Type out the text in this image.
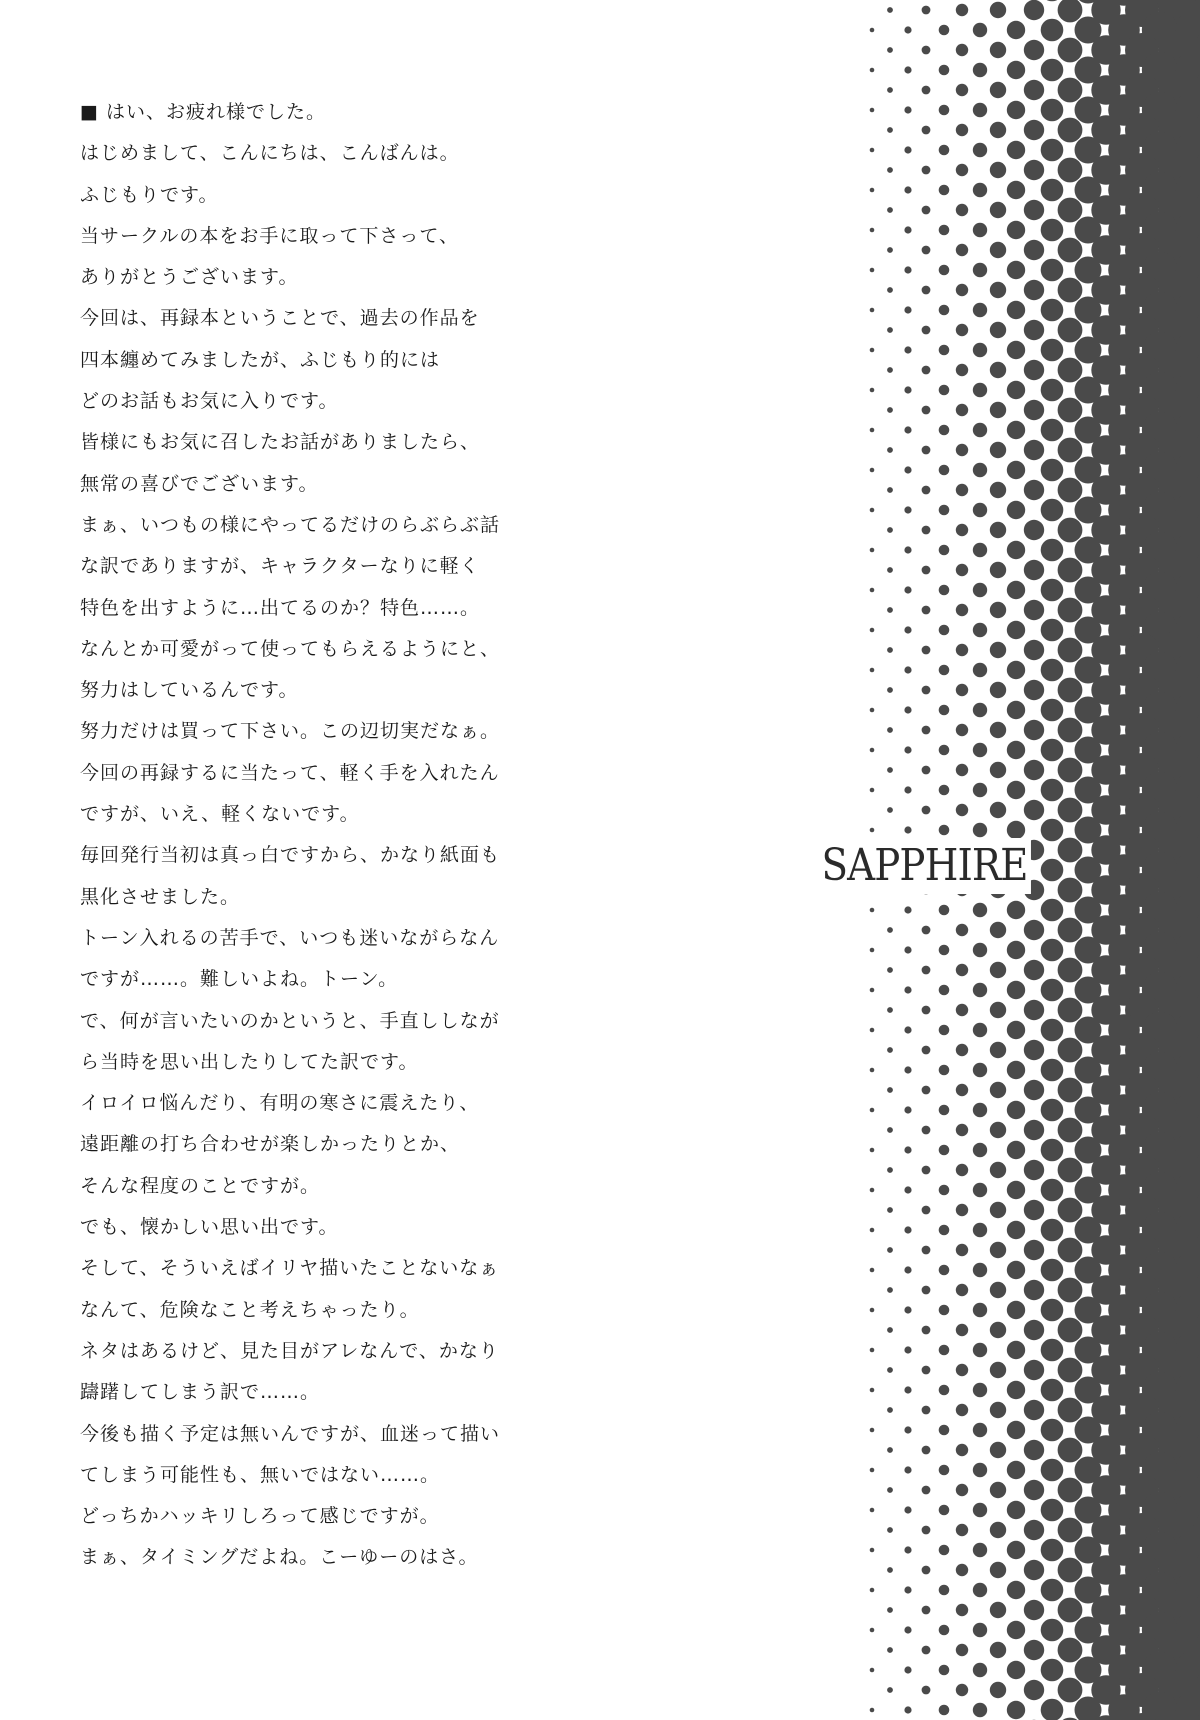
■ はい、お疲れ様でした。
はじめまして、こんにちは、こんばんは。
ふじもりです。
当サークルの本をお手に取って下さって、
ありがとうございます。
今回は、再録本ということで、過去の作品を
四本纏めてみましたが、ふじもり的には
どのお話もお気に入りです。
皆様にもお気に召したお話がありましたら、
無常の喜びでございます。
まぁ、いつもの様にやってるだけのらぶらぶ話
な訳でありますが、キャラクターなりに軽く
特色を出すように…出てるのか？特色……。
なんとか可愛がって使ってもらえるようにと、
努力はしているんです。
努力だけは買って下さい。この辺切実だなぁ。
今回の再録するに当たって、軽く手を入れたん
ですが、いえ、軽くないです。
毎回発行当初は真っ白ですから、かなり紙面も
黒化させました。
トーン入れるの苦手で、いつも迷いながらなん
ですが……。難しいよね。トーン。
で、何が言いたいのかというと、手直ししなが
ら当時を思い出したりしてた訳です。
イロイロ悩んだり、有明の寒さに震えたり、
遠距離の打ち合わせが楽しかったりとか、
そんな程度のことですが。
でも、懐かしい思い出です。
そして、そういえばイリヤ描いたことないなぁ
なんて、危険なこと考えちゃったり。
ネタはあるけど、見た目がアレなんで、かなり
躊躇してしまう訳で……。
今後も描く予定は無いんですが、血迷って描い
てしまう可能性も、無いではない……。
どっちかハッキリしろって感じですが。
まぁ、タイミングだよね。こーゆーのはさ。
SAPPHIRE
